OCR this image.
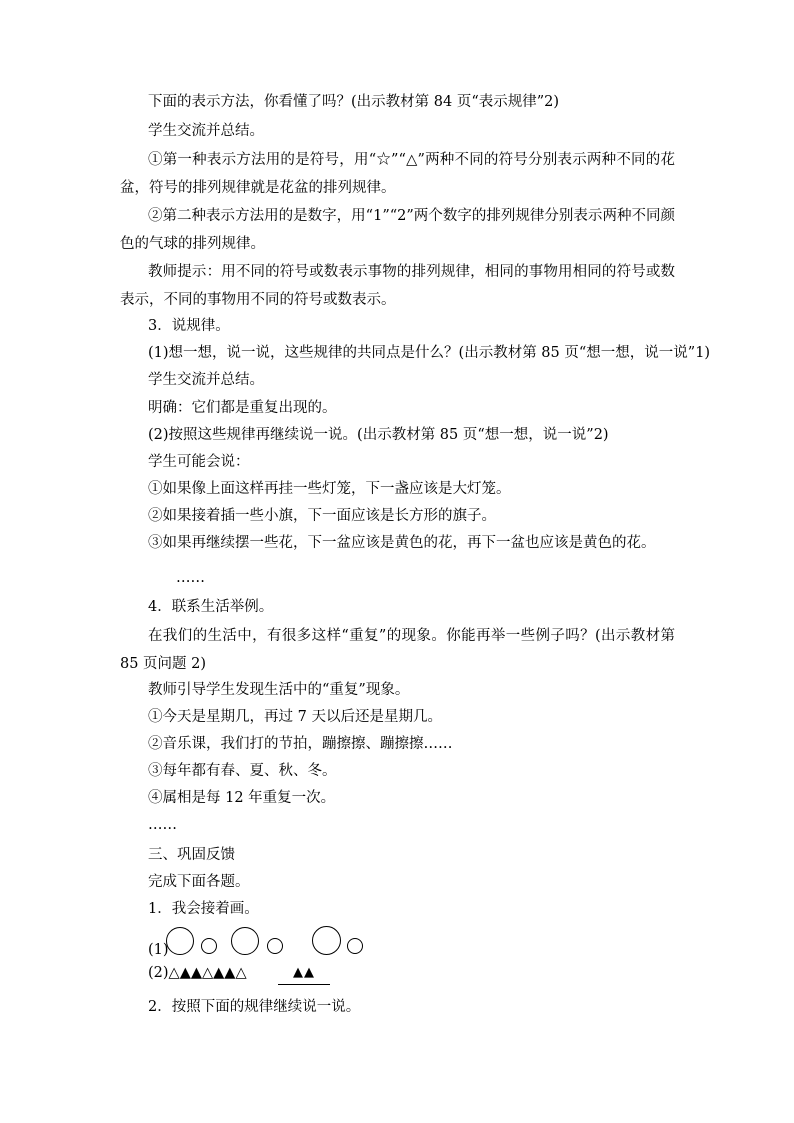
下面的表示方法，你看懂了吗？(出示教材第 84 页“表示规律”2)
学生交流并总结。
①第一种表示方法用的是符号，用“☆”“△”两种不同的符号分别表示两种不同的花盆，符号的排列规律就是花盆的排列规律。
②第二种表示方法用的是数字，用“1”“2”两个数字的排列规律分别表示两种不同颜色的气球的排列规律。
教师提示：用不同的符号或数表示事物的排列规律，相同的事物用相同的符号或数表示，不同的事物用不同的符号或数表示。
3．说规律。
(1)想一想，说一说，这些规律的共同点是什么？(出示教材第 85 页“想一想，说一说”1)
学生交流并总结。
明确：它们都是重复出现的。
(2)按照这些规律再继续说一说。(出示教材第 85 页“想一想，说一说”2)
学生可能会说：
①如果像上面这样再挂一些灯笼，下一盏应该是大灯笼。
②如果接着插一些小旗，下一面应该是长方形的旗子。
③如果再继续摆一些花，下一盆应该是黄色的花，再下一盆也应该是黄色的花。
……
4．联系生活举例。
在我们的生活中，有很多这样“重复”的现象。你能再举一些例子吗？(出示教材第 85 页问题 2)
教师引导学生发现生活中的“重复”现象。
①今天是星期几，再过 7 天以后还是星期几。
②音乐课，我们打的节拍，蹦擦擦、蹦擦擦……
③每年都有春、夏、秋、冬。
④属相是每 12 年重复一次。
……
三、巩固反馈
完成下面各题。
1．我会接着画。
(1)
(2)△▲▲△▲▲△	▲▲
2．按照下面的规律继续说一说。
